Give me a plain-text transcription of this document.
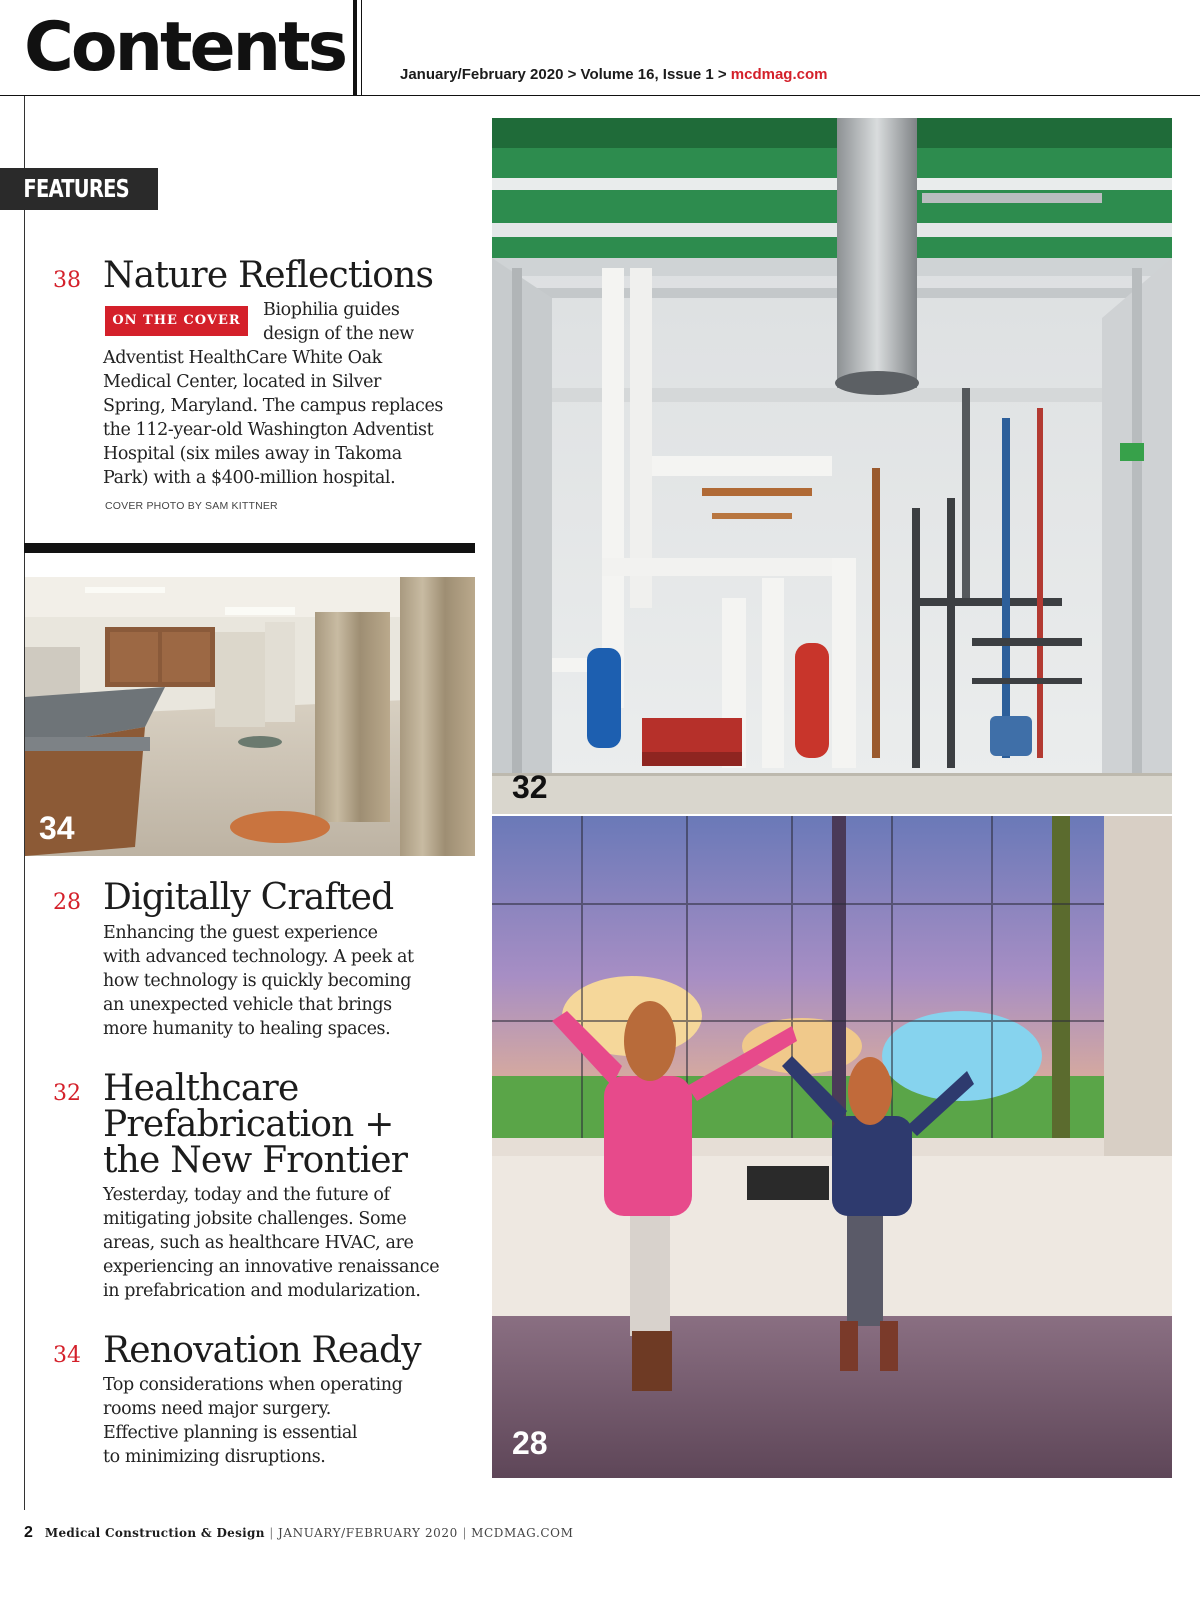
Contents	January/February 2020 > Volume 16, Issue 1 > mcdmag.com
FEATURES
38 Nature Reflections
ON THE COVER
Biophilia guides
design of the new
Adventist HealthCare White Oak
Medical Center, located in Silver
Spring, Maryland. The campus replaces
the 112-year-old Washington Adventist
Hospital (six miles away in Takoma
Park) with a $400-million hospital.
COVER PHOTO BY SAM KITTNER
34
28 Digitally Crafted
Enhancing the guest experience
with advanced technology. A peek at
how technology is quickly becoming
an unexpected vehicle that brings
more humanity to healing spaces.
32 Healthcare
Prefabrication +
the New Frontier
Yesterday, today and the future of
mitigating jobsite challenges. Some
areas, such as healthcare HVAC, are
experiencing an innovative renaissance
in prefabrication and modularization.
34 Renovation Ready
Top considerations when operating
rooms need major surgery.
Effective planning is essential
to minimizing disruptions.
32
28
2 Medical Construction & Design | JANUARY/FEBRUARY 2020 | MCDMAG.COM
